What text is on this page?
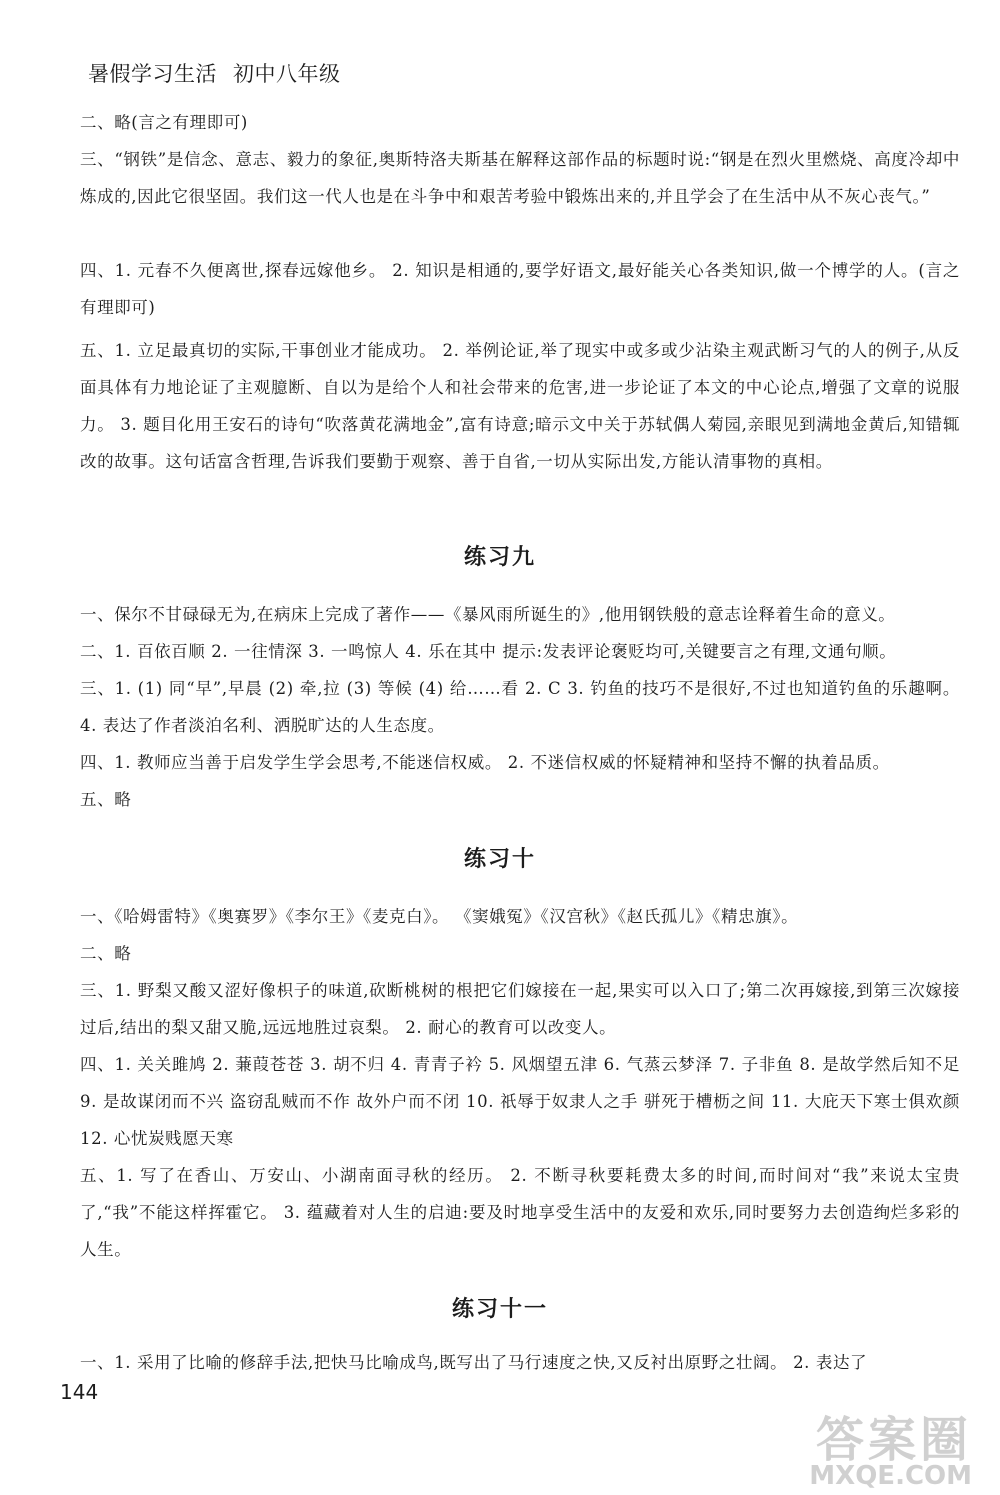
暑假学习生活 初中八年级
二、略(言之有理即可)
三、“钢铁”是信念、意志、毅力的象征,奥斯特洛夫斯基在解释这部作品的标题时说:“钢是在烈火里燃烧、高度冷却中炼成的,因此它很坚固。我们这一代人也是在斗争中和艰苦考验中锻炼出来的,并且学会了在生活中从不灰心丧气。”
四、1. 元春不久便离世,探春远嫁他乡。 2. 知识是相通的,要学好语文,最好能关心各类知识,做一个博学的人。(言之有理即可)
五、1. 立足最真切的实际,干事创业才能成功。 2. 举例论证,举了现实中或多或少沾染主观武断习气的人的例子,从反面具体有力地论证了主观臆断、自以为是给个人和社会带来的危害,进一步论证了本文的中心论点,增强了文章的说服力。 3. 题目化用王安石的诗句“吹落黄花满地金”,富有诗意;暗示文中关于苏轼偶人菊园,亲眼见到满地金黄后,知错辄改的故事。这句话富含哲理,告诉我们要勤于观察、善于自省,一切从实际出发,方能认清事物的真相。
练习九
一、保尔不甘碌碌无为,在病床上完成了著作——《暴风雨所诞生的》,他用钢铁般的意志诠释着生命的意义。
二、1. 百依百顺 2. 一往情深 3. 一鸣惊人 4. 乐在其中 提示:发表评论褒贬均可,关键要言之有理,文通句顺。
三、1. (1) 同“早”,早晨 (2) 牵,拉 (3) 等候 (4) 给……看 2. C 3. 钓鱼的技巧不是很好,不过也知道钓鱼的乐趣啊。 4. 表达了作者淡泊名利、洒脱旷达的人生态度。
四、1. 教师应当善于启发学生学会思考,不能迷信权威。 2. 不迷信权威的怀疑精神和坚持不懈的执着品质。
五、略
练习十
一、《哈姆雷特》《奥赛罗》《李尔王》《麦克白》。 《窦娥冤》《汉宫秋》《赵氏孤儿》《精忠旗》。
二、略
三、1. 野梨又酸又涩好像枳子的味道,砍断桃树的根把它们嫁接在一起,果实可以入口了;第二次再嫁接,到第三次嫁接过后,结出的梨又甜又脆,远远地胜过哀梨。 2. 耐心的教育可以改变人。
四、1. 关关雎鸠 2. 蒹葭苍苍 3. 胡不归 4. 青青子衿 5. 风烟望五津 6. 气蒸云梦泽 7. 子非鱼 8. 是故学然后知不足 9. 是故谋闭而不兴 盗窃乱贼而不作 故外户而不闭 10. 祇辱于奴隶人之手 骈死于槽枥之间 11. 大庇天下寒士俱欢颜 12. 心忧炭贱愿天寒
五、1. 写了在香山、万安山、小湖南面寻秋的经历。 2. 不断寻秋要耗费太多的时间,而时间对“我”来说太宝贵了,“我”不能这样挥霍它。 3. 蕴藏着对人生的启迪:要及时地享受生活中的友爱和欢乐,同时要努力去创造绚烂多彩的人生。
练习十一
一、1. 采用了比喻的修辞手法,把快马比喻成鸟,既写出了马行速度之快,又反衬出原野之壮阔。 2. 表达了
144
答案圈
MXQE.COM
